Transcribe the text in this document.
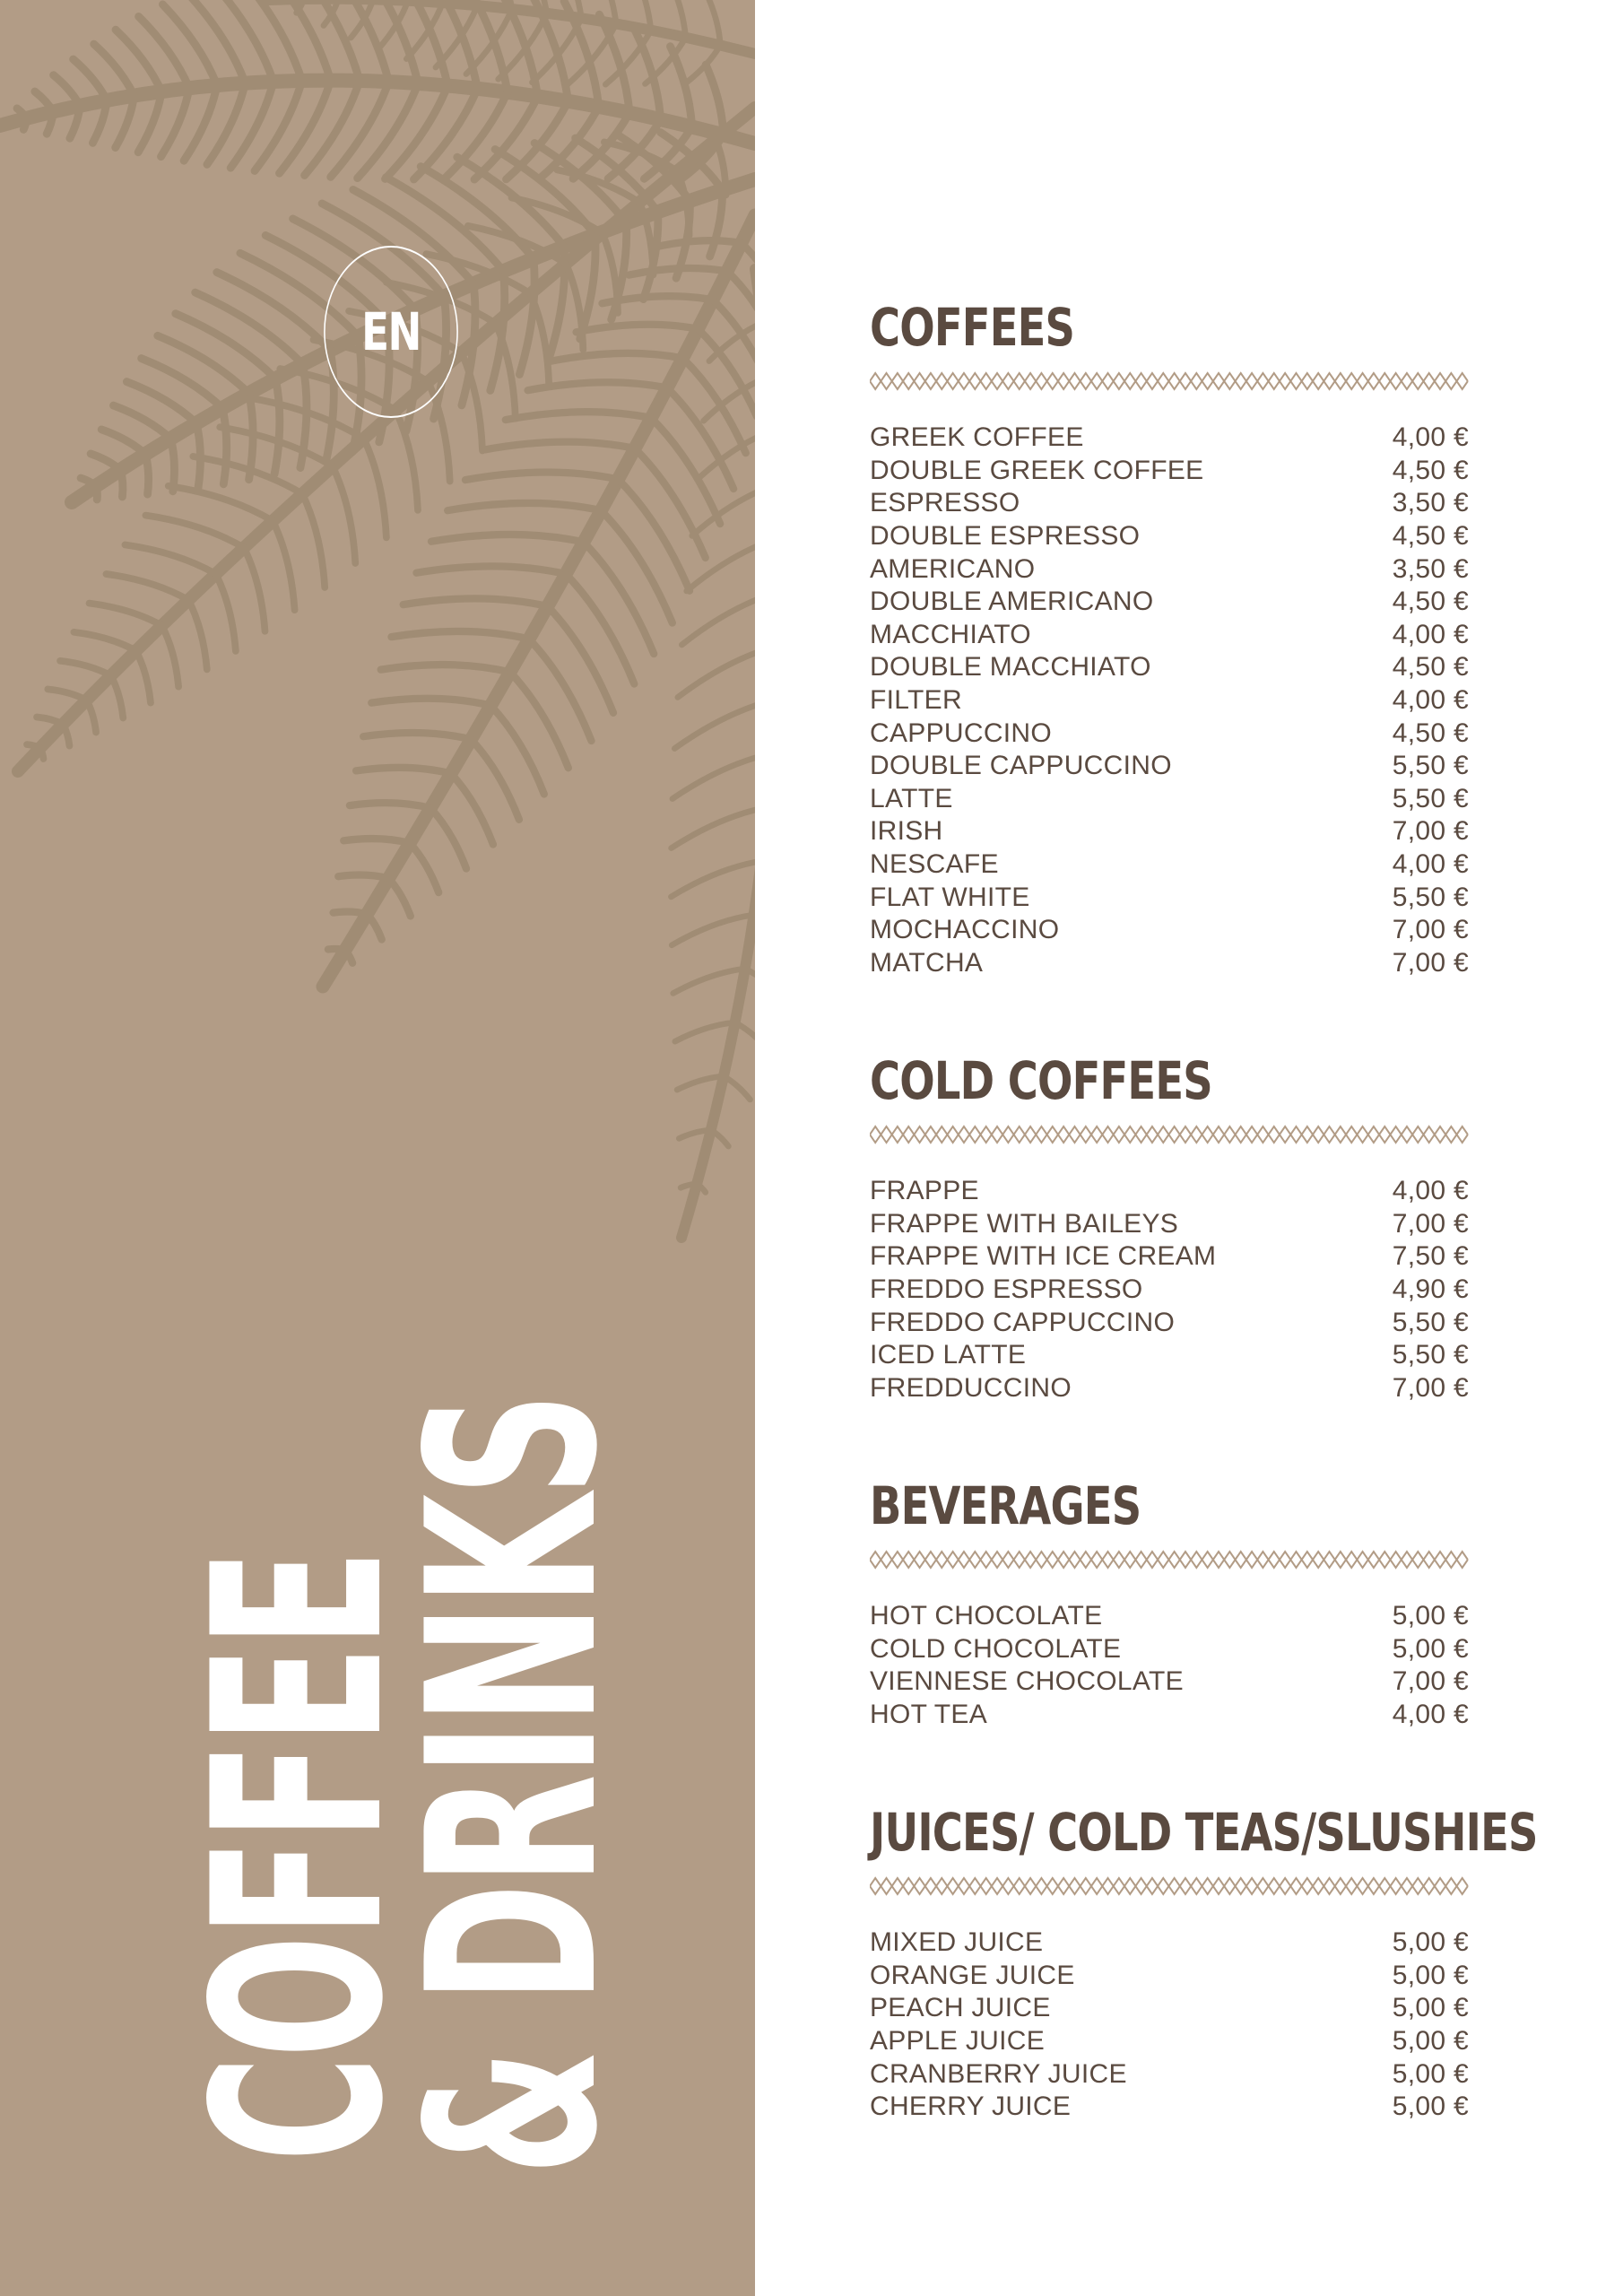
EN
COFFEE
& DRINKS
COFFEES
GREEK COFFEE	4,00 €
DOUBLE GREEK COFFEE	4,50 €
ESPRESSO	3,50 €
DOUBLE ESPRESSO	4,50 €
AMERICANO	3,50 €
DOUBLE AMERICANO	4,50 €
MACCHIATO	4,00 €
DOUBLE MACCHIATO	4,50 €
FILTER	4,00 €
CAPPUCCINO	4,50 €
DOUBLE CAPPUCCINO	5,50 €
LATTE	5,50 €
IRISH	7,00 €
NESCAFE	4,00 €
FLAT WHITE	5,50 €
MOCHACCINO	7,00 €
MATCHA	7,00 €
COLD COFFEES
FRAPPE	4,00 €
FRAPPE WITH BAILEYS	7,00 €
FRAPPE WITH ICE CREAM	7,50 €
FREDDO ESPRESSO	4,90 €
FREDDO CAPPUCCINO	5,50 €
ICED LATTE	5,50 €
FREDDUCCINO	7,00 €
BEVERAGES
HOT CHOCOLATE	5,00 €
COLD CHOCOLATE	5,00 €
VIENNESE CHOCOLATE	7,00 €
HOT TEA	4,00 €
JUICES/ COLD TEAS/SLUSHIES
MIXED JUICE	5,00 €
ORANGE JUICE	5,00 €
PEACH JUICE	5,00 €
APPLE JUICE	5,00 €
CRANBERRY JUICE	5,00 €
CHERRY JUICE	5,00 €
